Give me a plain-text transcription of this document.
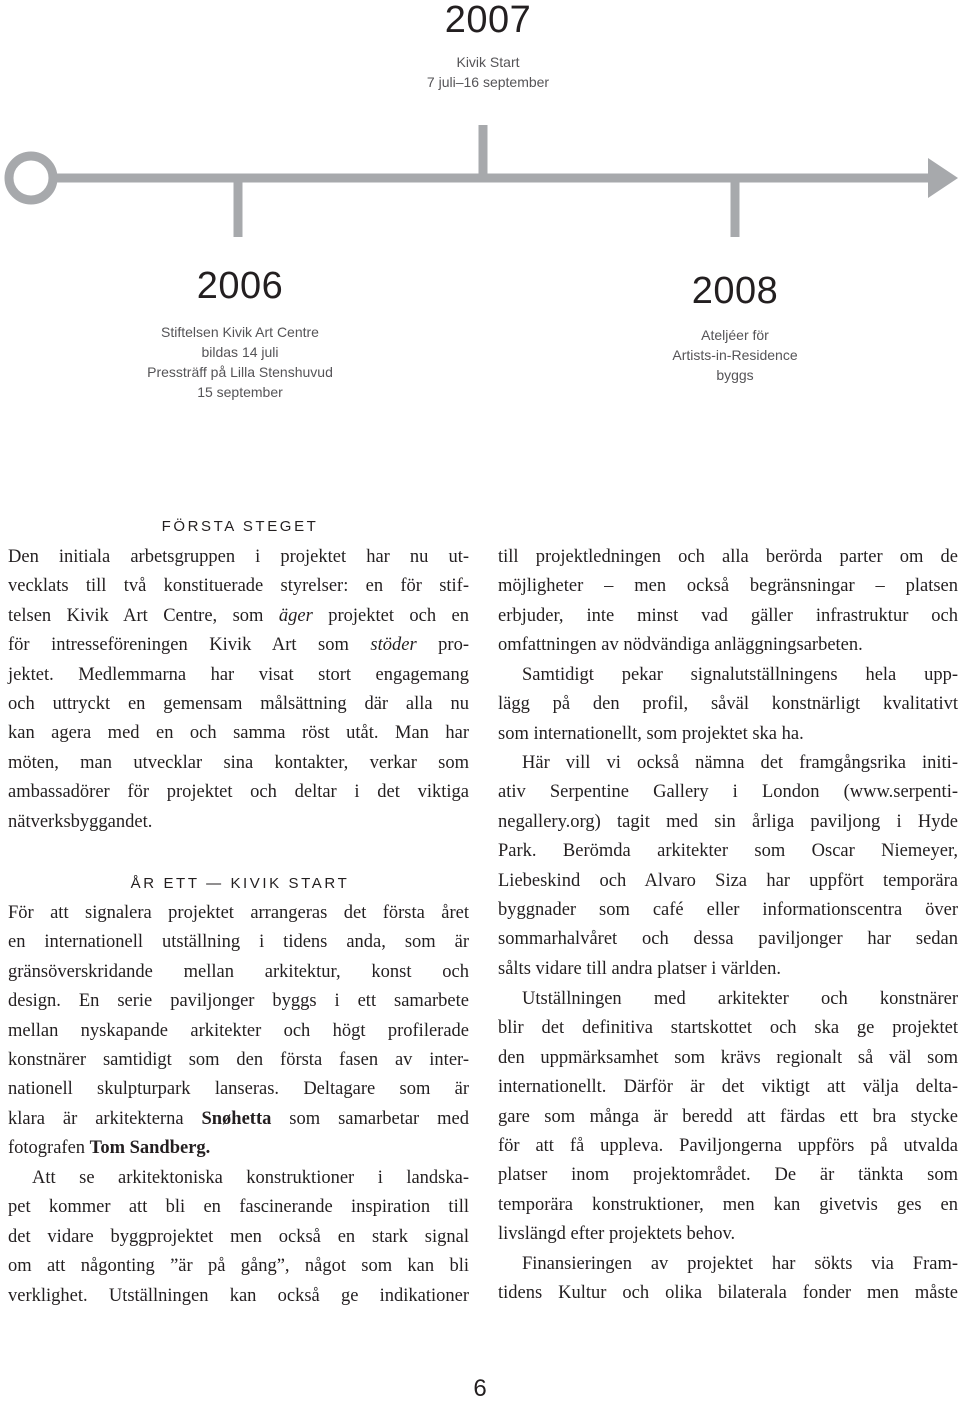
2007
Kivik Start
7 juli–16 september
2006
Stiftelsen Kivik Art Centre
bildas 14 juli
Pressträff på Lilla Stenshuvud
15 september
2008
Ateljéer för
Artists-in-Residence
byggs
FÖRSTA STEGET
Den initiala arbetsgruppen i projektet har nu ut-
vecklats till två konstituerade styrelser: en för stif-
telsen Kivik Art Centre, som äger projektet och en
för intresseföreningen Kivik Art som stöder pro-
jektet. Medlemmarna har visat stort engagemang
och uttryckt en gemensam målsättning där alla nu
kan agera med en och samma röst utåt. Man har
möten, man utvecklar sina kontakter, verkar som
ambassadörer för projektet och deltar i det viktiga
nätverksbyggandet.
ÅR ETT — KIVIK START
För att signalera projektet arrangeras det första året
en internationell utställning i tidens anda, som är
gränsöverskridande mellan arkitektur, konst och
design. En serie paviljonger byggs i ett samarbete
mellan nyskapande arkitekter och högt profilerade
konstnärer samtidigt som den första fasen av inter-
nationell skulpturpark lanseras. Deltagare som är
klara är arkitekterna Snøhetta som samarbetar med
fotografen Tom Sandberg.
Att se arkitektoniska konstruktioner i landska-
pet kommer att bli en fascinerande inspiration till
det vidare byggprojektet men också en stark signal
om att någonting ”är på gång”, något som kan bli
verklighet. Utställningen kan också ge indikationer
till projektledningen och alla berörda parter om de
möjligheter – men också begränsningar – platsen
erbjuder, inte minst vad gäller infrastruktur och
omfattningen av nödvändiga anläggningsarbeten.
Samtidigt pekar signalutställningens hela upp-
lägg på den profil, såväl konstnärligt kvalitativt
som internationellt, som projektet ska ha.
Här vill vi också nämna det framgångsrika initi-
ativ Serpentine Gallery i London (www.serpenti-
negallery.org) tagit med sin årliga paviljong i Hyde
Park. Berömda arkitekter som Oscar Niemeyer,
Liebeskind och Alvaro Siza har uppfört temporära
byggnader som café eller informationscentra över
sommarhalvåret och dessa paviljonger har sedan
sålts vidare till andra platser i världen.
Utställningen med arkitekter och konstnärer
blir det definitiva startskottet och ska ge projektet
den uppmärksamhet som krävs regionalt så väl som
internationellt. Därför är det viktigt att välja delta-
gare som många är beredd att färdas ett bra stycke
för att få uppleva. Paviljongerna uppförs på utvalda
platser inom projektområdet. De är tänkta som
temporära konstruktioner, men kan givetvis ges en
livslängd efter projektets behov.
Finansieringen av projektet har sökts via Fram-
tidens Kultur och olika bilaterala fonder men måste
6
